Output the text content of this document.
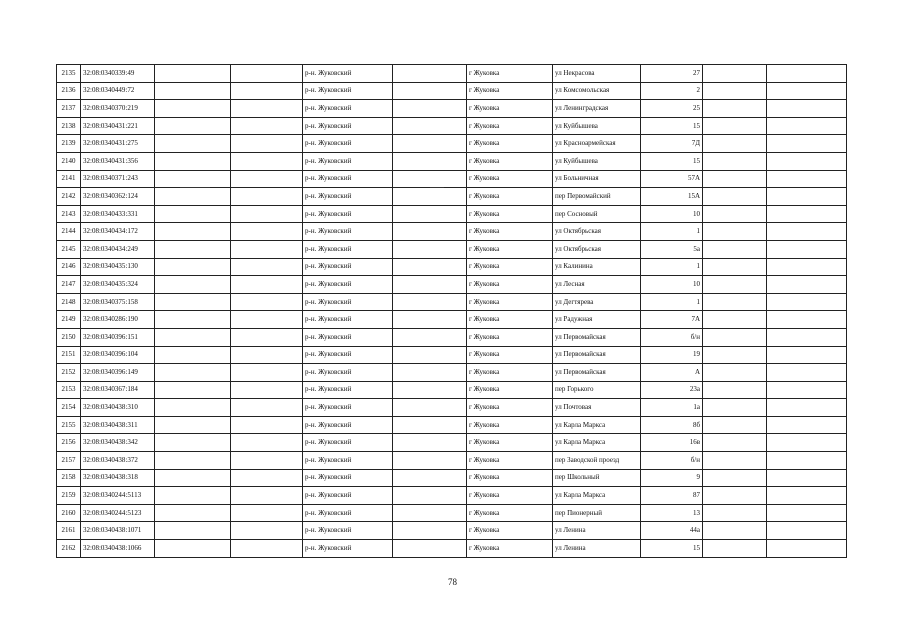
2135	32:08:0340339:49			р-н. Жуковский		г Жуковка	ул Некрасова	27		
2136	32:08:0340449:72			р-н. Жуковский		г Жуковка	ул Комсомольская	2		
2137	32:08:0340370:219			р-н. Жуковский		г Жуковка	ул Ленинградская	25		
2138	32:08:0340431:221			р-н. Жуковский		г Жуковка	ул Куйбышева	15		
2139	32:08:0340431:275			р-н. Жуковский		г Жуковка	ул Красноармейская	7Д		
2140	32:08:0340431:356			р-н. Жуковский		г Жуковка	ул Куйбышева	15		
2141	32:08:0340371:243			р-н. Жуковский		г Жуковка	ул Больничная	57А		
2142	32:08:0340362:124			р-н. Жуковский		г Жуковка	пер Первомайский	15А		
2143	32:08:0340433:331			р-н. Жуковский		г Жуковка	пер Сосновый	10		
2144	32:08:0340434:172			р-н. Жуковский		г Жуковка	ул Октябрьская	1		
2145	32:08:0340434:249			р-н. Жуковский		г Жуковка	ул Октябрьская	5а		
2146	32:08:0340435:130			р-н. Жуковский		г Жуковка	ул Калинина	1		
2147	32:08:0340435:324			р-н. Жуковский		г Жуковка	ул Лесная	10		
2148	32:08:0340375:158			р-н. Жуковский		г Жуковка	ул Дегтярева	1		
2149	32:08:0340286:190			р-н. Жуковский		г Жуковка	ул Радужная	7А		
2150	32:08:0340396:151			р-н. Жуковский		г Жуковка	ул Первомайская	б/н		
2151	32:08:0340396:104			р-н. Жуковский		г Жуковка	ул Первомайская	19		
2152	32:08:0340396:149			р-н. Жуковский		г Жуковка	ул Первомайская	А		
2153	32:08:0340367:184			р-н. Жуковский		г Жуковка	пер Горького	23а		
2154	32:08:0340438:310			р-н. Жуковский		г Жуковка	ул Почтовая	1а		
2155	32:08:0340438:311			р-н. Жуковский		г Жуковка	ул Карла Маркса	8б		
2156	32:08:0340438:342			р-н. Жуковский		г Жуковка	ул Карла Маркса	16в		
2157	32:08:0340438:372			р-н. Жуковский		г Жуковка	пер Заводской проезд	б/н		
2158	32:08:0340438:318			р-н. Жуковский		г Жуковка	пер Школьный	9		
2159	32:08:0340244:5113			р-н. Жуковский		г Жуковка	ул Карла Маркса	87		
2160	32:08:0340244:5123			р-н. Жуковский		г Жуковка	пер Пионерный	13		
2161	32:08:0340438:1071			р-н. Жуковский		г Жуковка	ул Ленина	44а		
2162	32:08:0340438:1066			р-н. Жуковский		г Жуковка	ул Ленина	15		
78
